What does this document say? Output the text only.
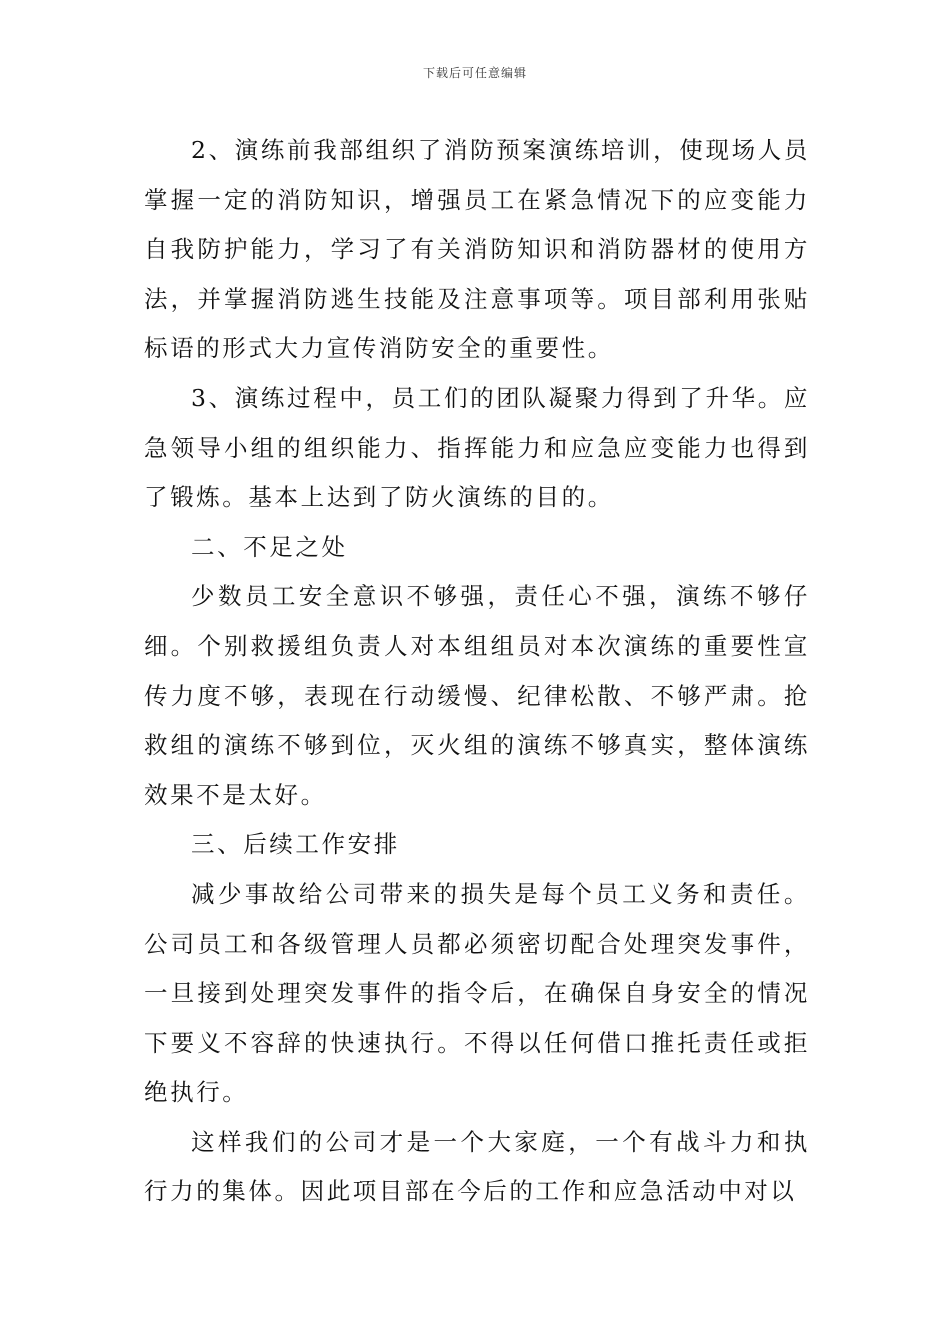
下载后可任意编辑

2、演练前我部组织了消防预案演练培训，使现场人员掌握一定的消防知识，增强员工在紧急情况下的应变能力自我防护能力，学习了有关消防知识和消防器材的使用方法，并掌握消防逃生技能及注意事项等。项目部利用张贴标语的形式大力宣传消防安全的重要性。

3、演练过程中，员工们的团队凝聚力得到了升华。应急领导小组的组织能力、指挥能力和应急应变能力也得到了锻炼。基本上达到了防火演练的目的。

二、不足之处

少数员工安全意识不够强，责任心不强，演练不够仔细。个别救援组负责人对本组组员对本次演练的重要性宣传力度不够，表现在行动缓慢、纪律松散、不够严肃。抢救组的演练不够到位，灭火组的演练不够真实，整体演练效果不是太好。

三、后续工作安排

减少事故给公司带来的损失是每个员工义务和责任。公司员工和各级管理人员都必须密切配合处理突发事件，一旦接到处理突发事件的指令后，在确保自身安全的情况下要义不容辞的快速执行。不得以任何借口推托责任或拒绝执行。

这样我们的公司才是一个大家庭，一个有战斗力和执行力的集体。因此项目部在今后的工作和应急活动中对以
